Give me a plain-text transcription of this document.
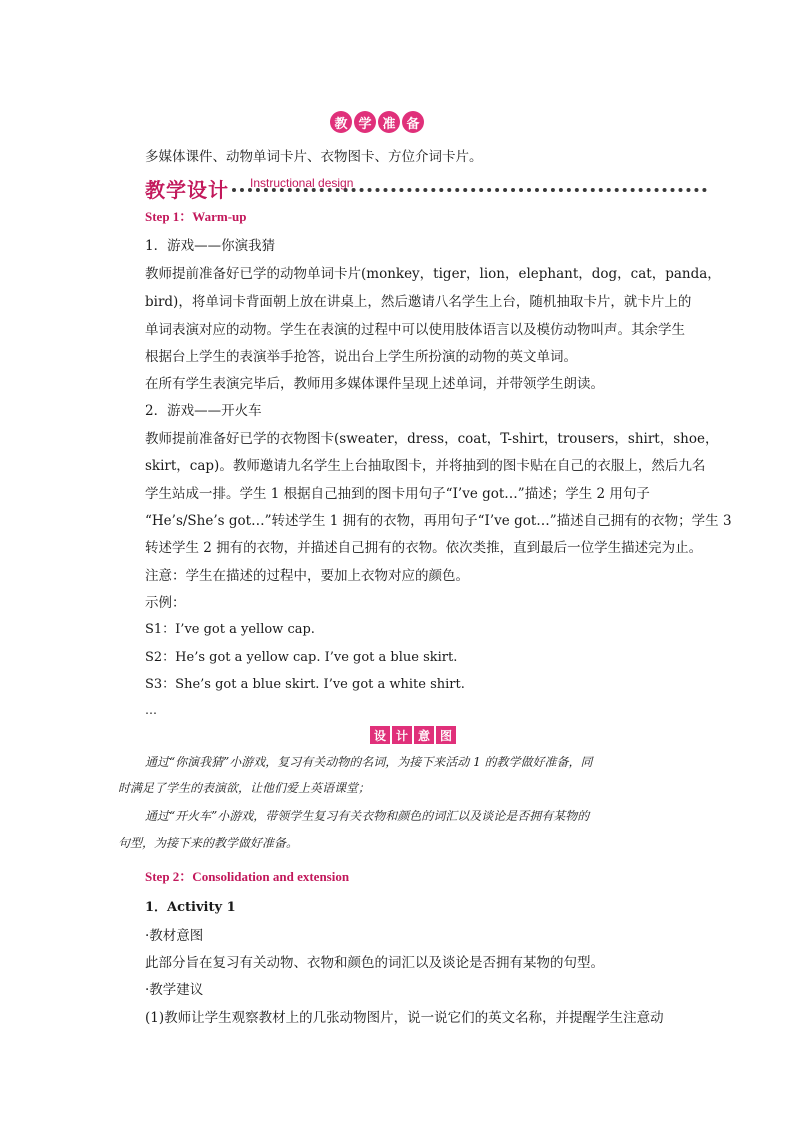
教 学 准 备
多媒体课件、动物单词卡片、衣物图卡、方位介词卡片。
教学设计 Instructional design
Step 1：Warm-up
1．游戏——你演我猜
教师提前准备好已学的动物单词卡片(monkey，tiger，lion，elephant，dog，cat，panda，
bird)，将单词卡背面朝上放在讲桌上，然后邀请八名学生上台，随机抽取卡片，就卡片上的
单词表演对应的动物。学生在表演的过程中可以使用肢体语言以及模仿动物叫声。其余学生
根据台上学生的表演举手抢答，说出台上学生所扮演的动物的英文单词。
在所有学生表演完毕后，教师用多媒体课件呈现上述单词，并带领学生朗读。
2．游戏——开火车
教师提前准备好已学的衣物图卡(sweater，dress，coat，T-shirt，trousers，shirt，shoe，
skirt，cap)。教师邀请九名学生上台抽取图卡，并将抽到的图卡贴在自己的衣服上，然后九名
学生站成一排。学生 1 根据自己抽到的图卡用句子“I’ve got…”描述；学生 2 用句子
“He’s/She’s got…”转述学生 1 拥有的衣物，再用句子“I’ve got…”描述自己拥有的衣物；学生 3
转述学生 2 拥有的衣物，并描述自己拥有的衣物。依次类推，直到最后一位学生描述完为止。
注意：学生在描述的过程中，要加上衣物对应的颜色。
示例：
S1：I’ve got a yellow cap.
S2：He’s got a yellow cap. I’ve got a blue skirt.
S3：She’s got a blue skirt. I’ve got a white shirt.
…
设 计 意 图
通过“你演我猜”小游戏，复习有关动物的名词，为接下来活动 1 的教学做好准备，同
时满足了学生的表演欲，让他们爱上英语课堂；
通过“开火车”小游戏，带领学生复习有关衣物和颜色的词汇以及谈论是否拥有某物的
句型，为接下来的教学做好准备。
Step 2：Consolidation and extension
1．Activity 1
·教材意图
此部分旨在复习有关动物、衣物和颜色的词汇以及谈论是否拥有某物的句型。
·教学建议
(1)教师让学生观察教材上的几张动物图片，说一说它们的英文名称，并提醒学生注意动
